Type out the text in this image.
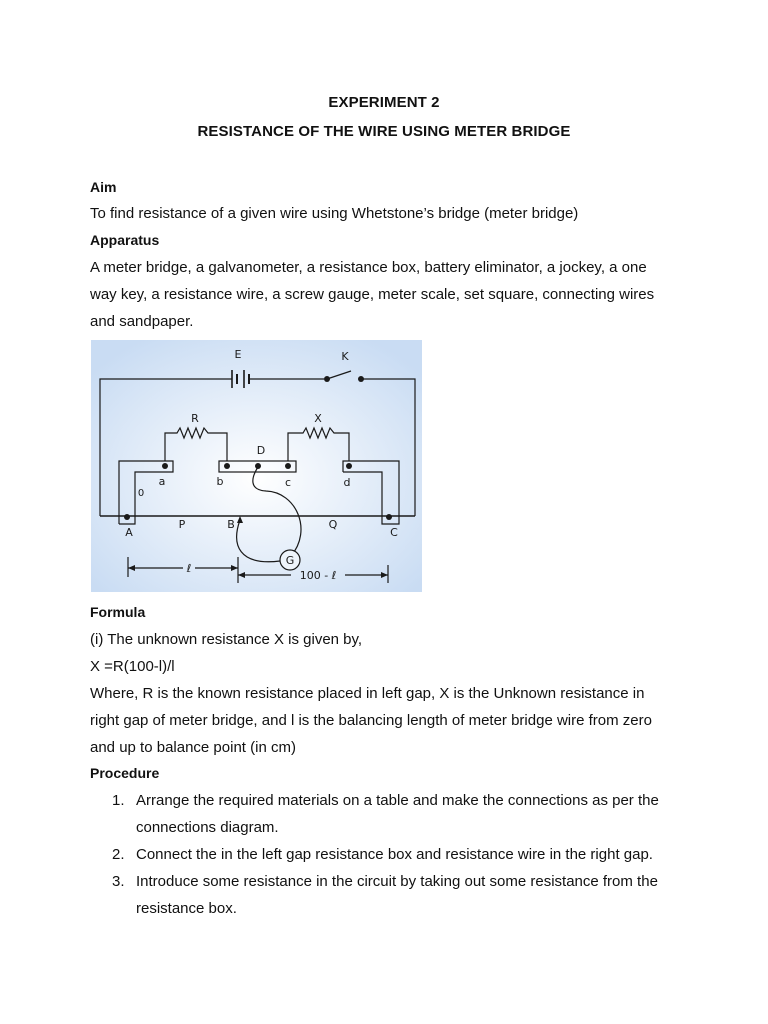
EXPERIMENT 2
RESISTANCE OF THE WIRE USING METER BRIDGE
Aim
To find resistance of a given wire using Whetstone’s bridge (meter bridge)
Apparatus
A meter bridge, a galvanometer, a resistance box, battery eliminator, a jockey, a one
way key, a resistance wire, a screw gauge, meter scale, set square, connecting wires
and sandpaper.
E	K
R	X
D
a	b	c	d
0
A
P	B	Q
C
G
ℓ
100 - ℓ
Formula
(i) The unknown resistance X is given by,
X =R(100-l)/l
Where, R is the known resistance placed in left gap, X is the Unknown resistance in
right gap of meter bridge, and l is the balancing length of meter bridge wire from zero
and up to balance point (in cm)
Procedure
1. Arrange the required materials on a table and make the connections as per the
connections diagram.
2. Connect the in the left gap resistance box and resistance wire in the right gap.
3. Introduce some resistance in the circuit by taking out some resistance from the
resistance box.
